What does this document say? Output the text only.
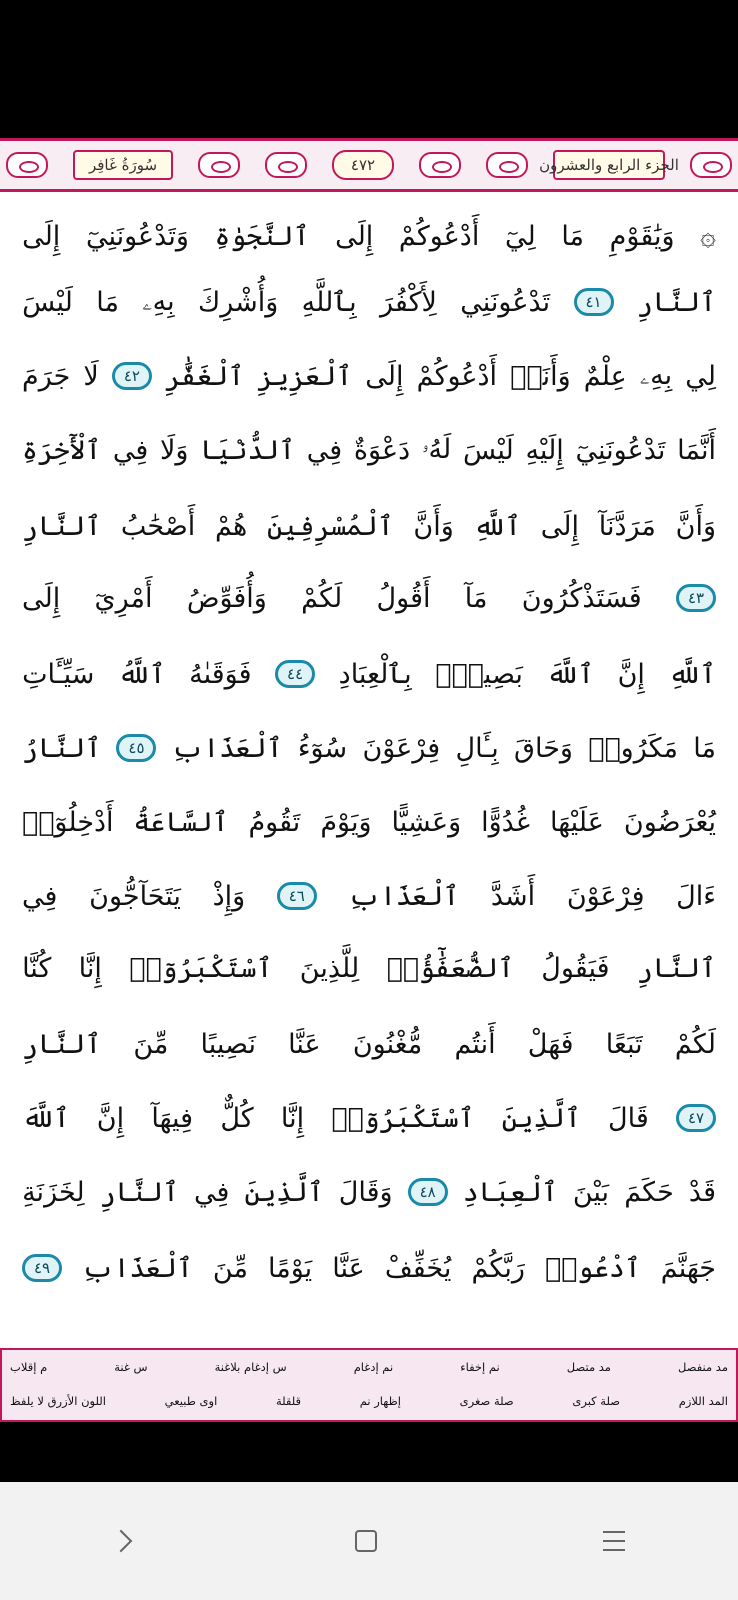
الجزء الرابع والعشرون
٤٧٢
سُورَةُ غَافِر
۞
وَيَٰقَوْمِ
مَا
لِيٓ
أَدْعُوكُمْ
إِلَى
ٱلنَّجَوٰةِ
وَتَدْعُونَنِيٓ
إِلَى
ٱلنَّارِ
٤١
تَدْعُونَنِي
لِأَكْفُرَ
بِٱللَّهِ
وَأُشْرِكَ
بِهِۦ
مَا
لَيْسَ
لِي
بِهِۦ
عِلْمٌ
وَأَنَا۠
أَدْعُوكُمْ
إِلَى
ٱلْعَزِيزِ
ٱلْغَفَّٰرِ
٤٢
لَا
جَرَمَ
أَنَّمَا
تَدْعُونَنِيٓ
إِلَيْهِ
لَيْسَ
لَهُۥ
دَعْوَةٌ
فِي
ٱلدُّنْيَا
وَلَا
فِي
ٱلْأٓخِرَةِ
وَأَنَّ
مَرَدَّنَآ
إِلَى
ٱللَّهِ
وَأَنَّ
ٱلْمُسْرِفِينَ
هُمْ
أَصْحَٰبُ
ٱلنَّارِ
٤٣
فَسَتَذْكُرُونَ
مَآ
أَقُولُ
لَكُمْ
وَأُفَوِّضُ
أَمْرِيٓ
إِلَى
ٱللَّهِ
إِنَّ
ٱللَّهَ
بَصِيرُۢ
بِٱلْعِبَادِ
٤٤
فَوَقَىٰهُ
ٱللَّهُ
سَيِّـَٔاتِ
مَا
مَكَرُوا۟
وَحَاقَ
بِـَٔالِ
فِرْعَوْنَ
سُوٓءُ
ٱلْعَذَابِ
٤٥
ٱلنَّارُ
يُعْرَضُونَ
عَلَيْهَا
غُدُوًّا
وَعَشِيًّا
وَيَوْمَ
تَقُومُ
ٱلسَّاعَةُ
أَدْخِلُوٓا۟
ءَالَ
فِرْعَوْنَ
أَشَدَّ
ٱلْعَذَابِ
٤٦
وَإِذْ
يَتَحَآجُّونَ
فِي
ٱلنَّارِ
فَيَقُولُ
ٱلضُّعَفَٰٓؤُا۟
لِلَّذِينَ
ٱسْتَكْبَرُوٓا۟
إِنَّا
كُنَّا
لَكُمْ
تَبَعًا
فَهَلْ
أَنتُم
مُّغْنُونَ
عَنَّا
نَصِيبًا
مِّنَ
ٱلنَّارِ
٤٧
قَالَ
ٱلَّذِينَ
ٱسْتَكْبَرُوٓا۟
إِنَّا
كُلٌّ
فِيهَآ
إِنَّ
ٱللَّهَ
قَدْ
حَكَمَ
بَيْنَ
ٱلْعِبَادِ
٤٨
وَقَالَ
ٱلَّذِينَ
فِي
ٱلنَّارِ
لِخَزَنَةِ
جَهَنَّمَ
ٱدْعُوا۟
رَبَّكُمْ
يُخَفِّفْ
عَنَّا
يَوْمًا
مِّنَ
ٱلْعَذَابِ
٤٩
مد منفصل
مد متصل
نم إخفاء
نم إدغام
س إدغام بلاغنة
س غنة
م إقلاب
المد اللازم
صلة كبرى
صلة صغرى
إظهار نم
قلقلة
اوى طبيعي
اللون الأزرق لا يلفظ
